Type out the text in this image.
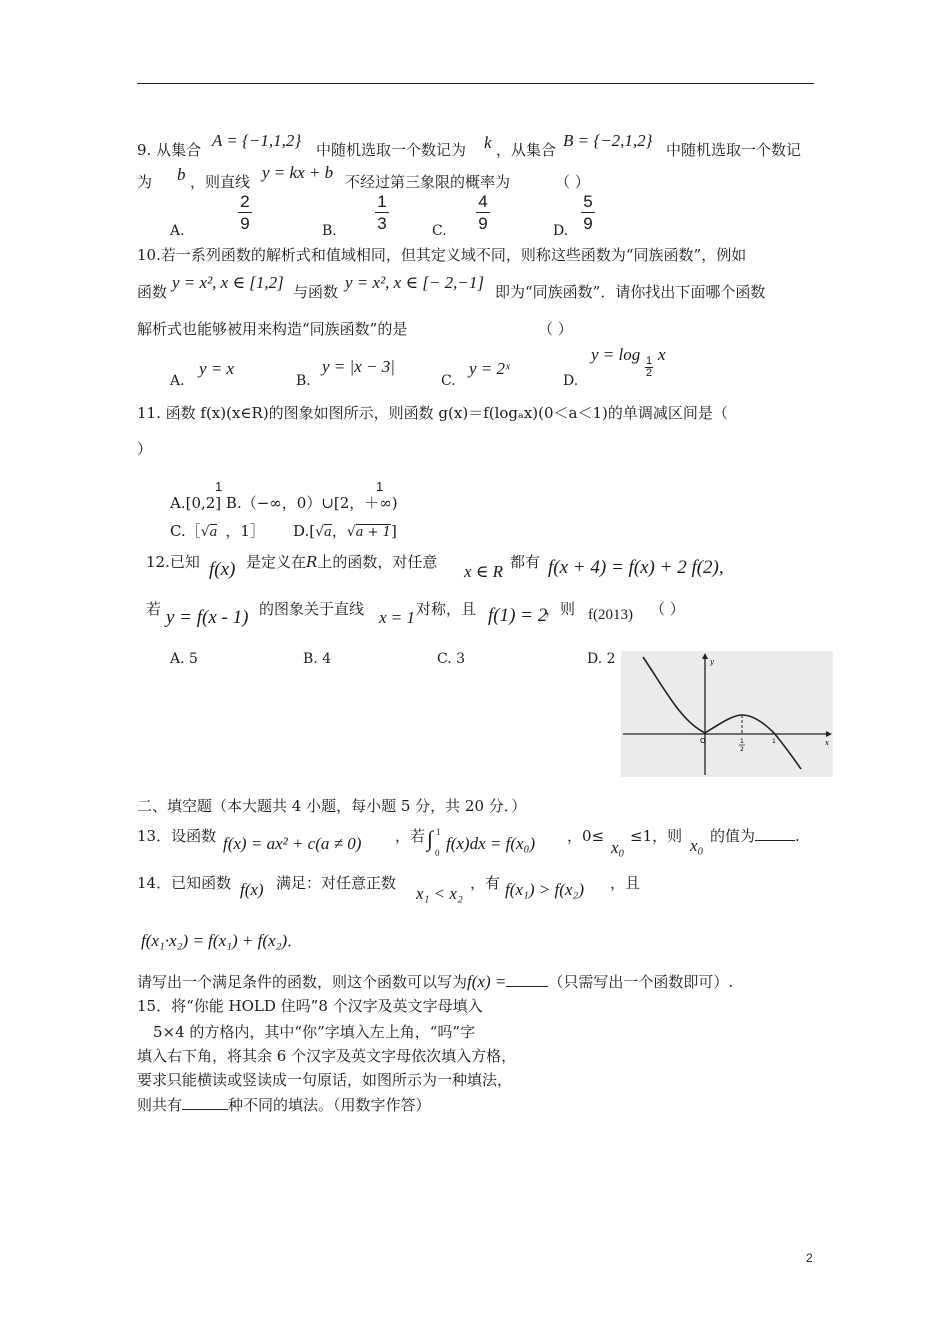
9. 从集合 A = {−1,1,2} 中随机选取一个数记为 k ，从集合 B = {−2,1,2} 中随机选取一个数记
为 b ，则直线 y = kx + b 不经过第三象限的概率为	（ ）
A.
2
9	B.
1
3	C.
4
9	D.
5
9
10.若一系列函数的解析式和值域相同，但其定义域不同，则称这些函数为“同族函数”，例如
函数 y = x², x ∈ [1,2] 与函数 y = x², x ∈ [− 2,−1] 即为“同族函数”．请你找出下面哪个函数
解析式也能够被用来构造“同族函数”的是	（ ）
A.
y = x
B.
y = |x − 3|
C.
y = 2ˣ
D.
y = log 1
2
x
11. 函数 f(x)(x∈R)的图象如图所示，则函数 g(x)＝f(logₐx)(0＜a＜1)的单调减区间是（
）
1	1
A.[0,2] B.（−∞，0）∪[2，＋∞)
C.［√a ，1］ D.[√a，√a + 1]
12.已知 f(x) 是定义在R上的函数，对任意 x ∈ R 都有 f(x + 4) = f(x) + 2 f(2),
若 y = f(x - 1) 的图象关于直线 x = 1 对称，且 f(1) = 2
，则 f(2013) （ ）
A. 5	B. 4	C. 3	D. 2
O
y
x
1
2
1
二、填空题（本大题共 4 小题，每小题 5 分，共 20 分．）
13．设函数 f(x) = ax² + c(a ≠ 0) ，若 ∫ 1
0 f(x)dx = f(x₀) ，0≤
x₀
≤1，则 x₀ 的值为	.
14．已知函数 f(x) 满足：对任意正数
x₁ < x₂
，有 f(x₁) > f(x₂) ，且
f(x₁·x₂) = f(x₁) + f(x₂)．
请写出一个满足条件的函数，则这个函数可以写为f(x) =	（只需写出一个函数即可）.
15．将“你能 HOLD 住吗”8 个汉字及英文字母填入
5×4 的方格内，其中“你”字填入左上角，“吗”字
填入右下角，将其余 6 个汉字及英文字母依次填入方格，
要求只能横读或竖读成一句原话，如图所示为一种填法，
则共有	种不同的填法。（用数字作答）
2
